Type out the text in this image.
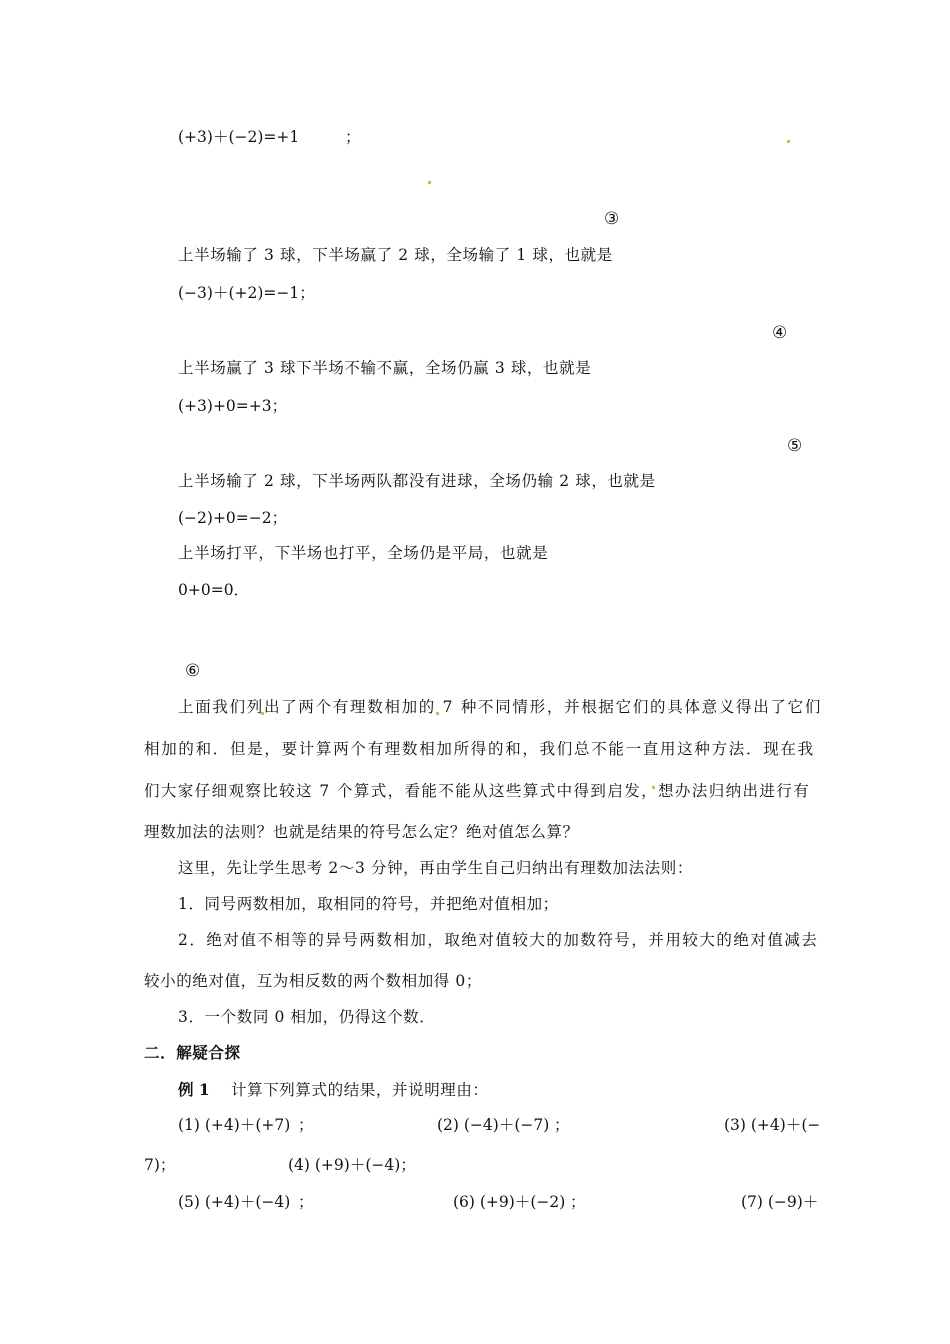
(+3)＋(−2)=+1	；
③
上半场输了 3 球，下半场赢了 2 球，全场输了 1 球，也就是
(−3)＋(+2)=−1；
④
上半场赢了 3 球下半场不输不赢，全场仍赢 3 球，也就是
(+3)+0=+3；
⑤
上半场输了 2 球，下半场两队都没有进球，全场仍输 2 球，也就是
(−2)+0=−2；
上半场打平，下半场也打平，全场仍是平局，也就是
0+0=0．
⑥
上面我们列出了两个有理数相加的 7 种不同情形，并根据它们的具体意义得出了它们
相加的和．但是，要计算两个有理数相加所得的和，我们总不能一直用这种方法．现在我
们大家仔细观察比较这 7 个算式，看能不能从这些算式中得到启发，想办法归纳出进行有
理数加法的法则？也就是结果的符号怎么定？绝对值怎么算？
这里，先让学生思考 2～3 分钟，再由学生自己归纳出有理数加法法则：
1．同号两数相加，取相同的符号，并把绝对值相加；
2．绝对值不相等的异号两数相加，取绝对值较大的加数符号，并用较大的绝对值减去
较小的绝对值，互为相反数的两个数相加得 0；
3．一个数同 0 相加，仍得这个数．
二．解疑合探
例 1 计算下列算式的结果，并说明理由：
(1) (+4)＋(+7) ；	(2) (−4)＋(−7) ；	(3) (+4)＋(−
7)；	(4) (+9)＋(−4)；
(5) (+4)＋(−4) ；	(6) (+9)＋(−2) ；	(7) (−9)＋
